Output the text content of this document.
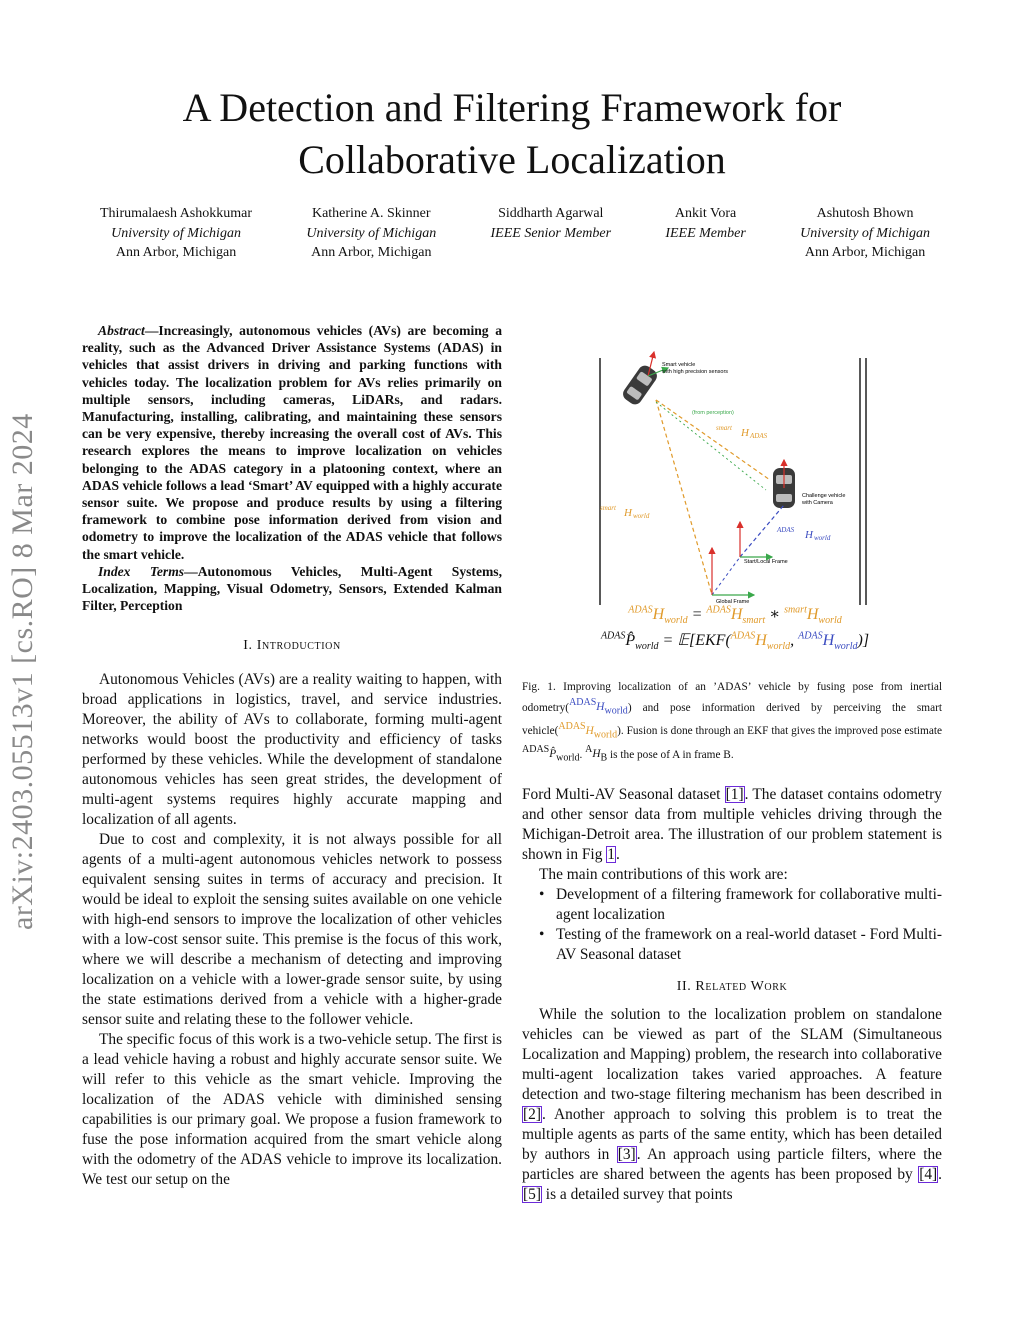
arXiv:2403.05513v1 [cs.RO] 8 Mar 2024
A Detection and Filtering Framework for
Collaborative Localization
Thirumalaesh Ashokkumar
University of Michigan
Ann Arbor, Michigan
Katherine A. Skinner
University of Michigan
Ann Arbor, Michigan
Siddharth Agarwal
IEEE Senior Member
Ankit Vora
IEEE Member
Ashutosh Bhown
University of Michigan
Ann Arbor, Michigan

Abstract—Increasingly, autonomous vehicles (AVs) are becoming a reality, such as the Advanced Driver Assistance Systems (ADAS) in vehicles that assist drivers in driving and parking functions with vehicles today. The localization problem for AVs relies primarily on multiple sensors, including cameras, LiDARs, and radars. Manufacturing, installing, calibrating, and maintaining these sensors can be very expensive, thereby increasing the overall cost of AVs. This research explores the means to improve localization on vehicles belonging to the ADAS category in a platooning context, where an ADAS vehicle follows a lead ‘Smart’ AV equipped with a highly accurate sensor suite. We propose and produce results by using a filtering framework to combine pose information derived from vision and odometry to improve the localization of the ADAS vehicle that follows the smart vehicle.

Index Terms—Autonomous Vehicles, Multi-Agent Systems, Localization, Mapping, Visual Odometry, Sensors, Extended Kalman Filter, Perception

I. Introduction

Autonomous Vehicles (AVs) are a reality waiting to happen, with broad applications in logistics, travel, and service industries. Moreover, the ability of AVs to collaborate, forming multi-agent networks would boost the productivity and efficiency of tasks performed by these vehicles. While the development of standalone autonomous vehicles has seen great strides, the development of multi-agent systems requires highly accurate mapping and localization of all agents.

Due to cost and complexity, it is not always possible for all agents of a multi-agent autonomous vehicles network to possess equivalent sensing suites in terms of accuracy and precision. It would be ideal to exploit the sensing suites available on one vehicle with high-end sensors to improve the localization of other vehicles with a low-cost sensor suite. This premise is the focus of this work, where we will describe a mechanism of detecting and improving localization on a vehicle with a lower-grade sensor suite, by using the state estimations derived from a vehicle with a higher-grade sensor suite and relating these to the follower vehicle.

The specific focus of this work is a two-vehicle setup. The first is a lead vehicle having a robust and highly accurate sensor suite. We will refer to this vehicle as the smart vehicle. Improving the localization of the ADAS vehicle with diminished sensing capabilities is our primary goal. We propose a fusion framework to fuse the pose information acquired from the smart vehicle along with the odometry of the ADAS vehicle to improve its localization. We test our setup on the

Smart vehicle
with high precision sensors
Challenge vehicle
with Camera
Global Frame
Start/Local Frame
(from perception)
smart H ADAS
smart H world
ADAS H world
$^{ADAS}H_{world} = ^{ADAS}H_{smart}$ ∗ $^{smart}H_{world}$
$^{ADAS}P̂_{world}$ = $𝔼[EKF(^{ADAS}H_{world}$, $^{ADAS}H_{world}$)]
Fig. 1. Improving localization of an ’ADAS’ vehicle by fusing pose from inertial $odometry(^{ADAS}H_{world})$ and pose information derived by perceiving the smart $vehicle(^{ADAS}H_{world})$. Fusion is done through an EKF that gives the improved pose estimate $^{ADAS}P̂_{world}$. $^AH_B$ is the pose of A in frame B.

Ford Multi-AV Seasonal dataset [1]. The dataset contains odometry and other sensor data from multiple vehicles driving through the Michigan-Detroit area. The illustration of our problem statement is shown in Fig 1.

The main contributions of this work are:

• Development of a filtering framework for collaborative multi-agent localization
• Testing of the framework on a real-world dataset - Ford Multi-AV Seasonal dataset
II. Related Work

While the solution to the localization problem on standalone vehicles can be viewed as part of the SLAM (Simultaneous Localization and Mapping) problem, the research into collaborative multi-agent localization takes varied approaches. A feature detection and two-stage filtering mechanism has been described in [2]. Another approach to solving this problem is to treat the multiple agents as parts of the same entity, which has been detailed by authors in [3]. An approach using particle filters, where the particles are shared between the agents has been proposed by [4]. [5] is a detailed survey that points
